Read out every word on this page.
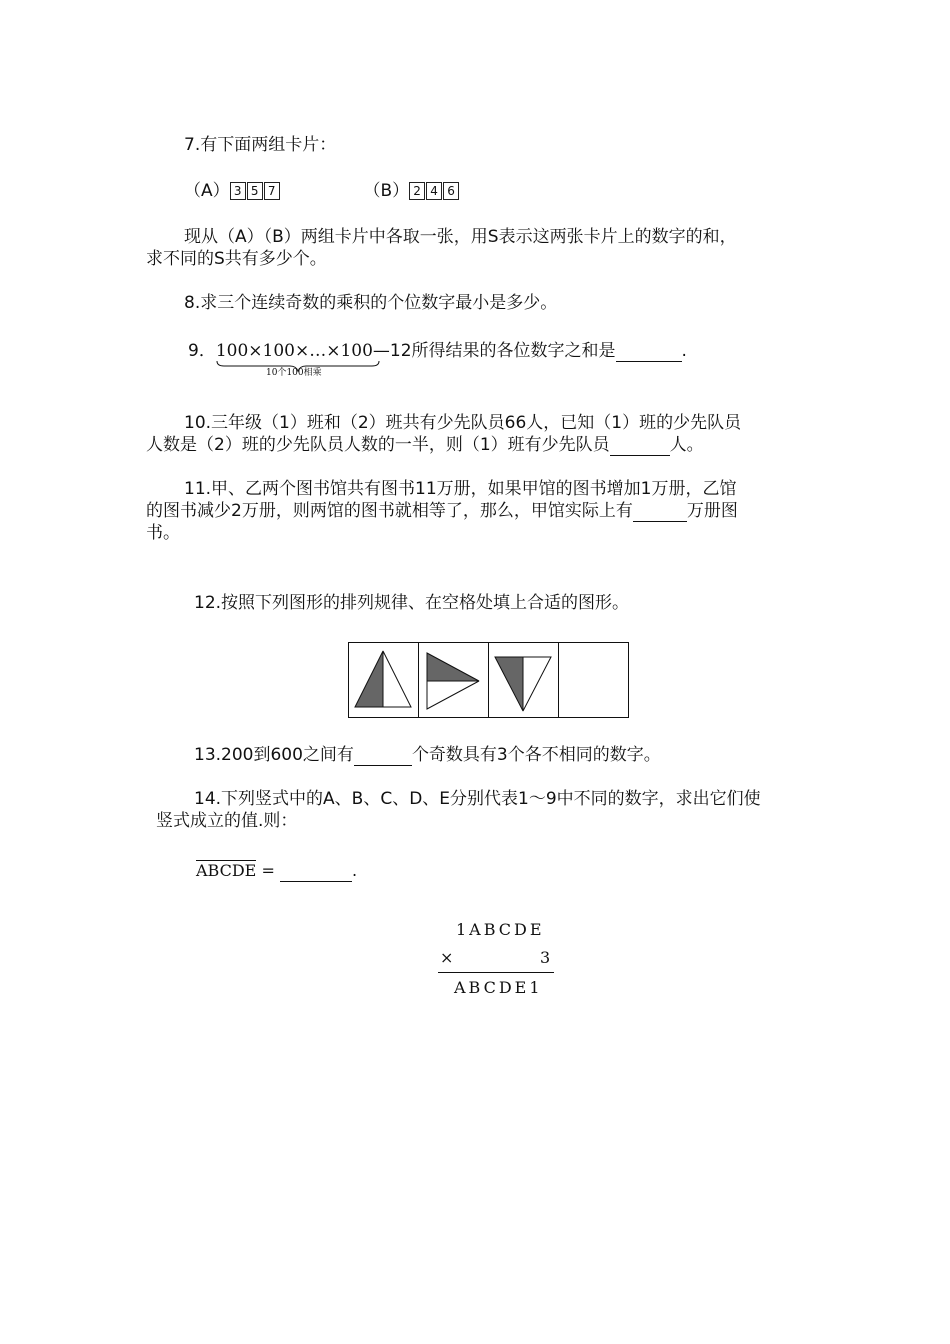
7.有下面两组卡片：
（A） 3 5 7	（B） 2 4 6
现从（A）（B）两组卡片中各取一张，用S表示这两张卡片上的数字的和，
求不同的S共有多少个。
8.求三个连续奇数的乘积的个位数字最小是多少。
9．100×100×…×100—12所得结果的各位数字之和是	.
10个100相乘
10.三年级（1）班和（2）班共有少先队员66人，已知（1）班的少先队员
人数是（2）班的少先队员人数的一半，则（1）班有少先队员	人。
11.甲、乙两个图书馆共有图书11万册，如果甲馆的图书增加1万册，乙馆
的图书减少2万册，则两馆的图书就相等了，那么，甲馆实际上有	万册图
书。
12.按照下列图形的排列规律、在空格处填上合适的图形。
13.200到600之间有	个奇数具有3个各不相同的数字。
14.下列竖式中的A、B、C、D、E分别代表1～9中不同的数字，求出它们使
竖式成立的值.则：
ABCDE =	.
1ABCDE
×	3
ABCDE1
